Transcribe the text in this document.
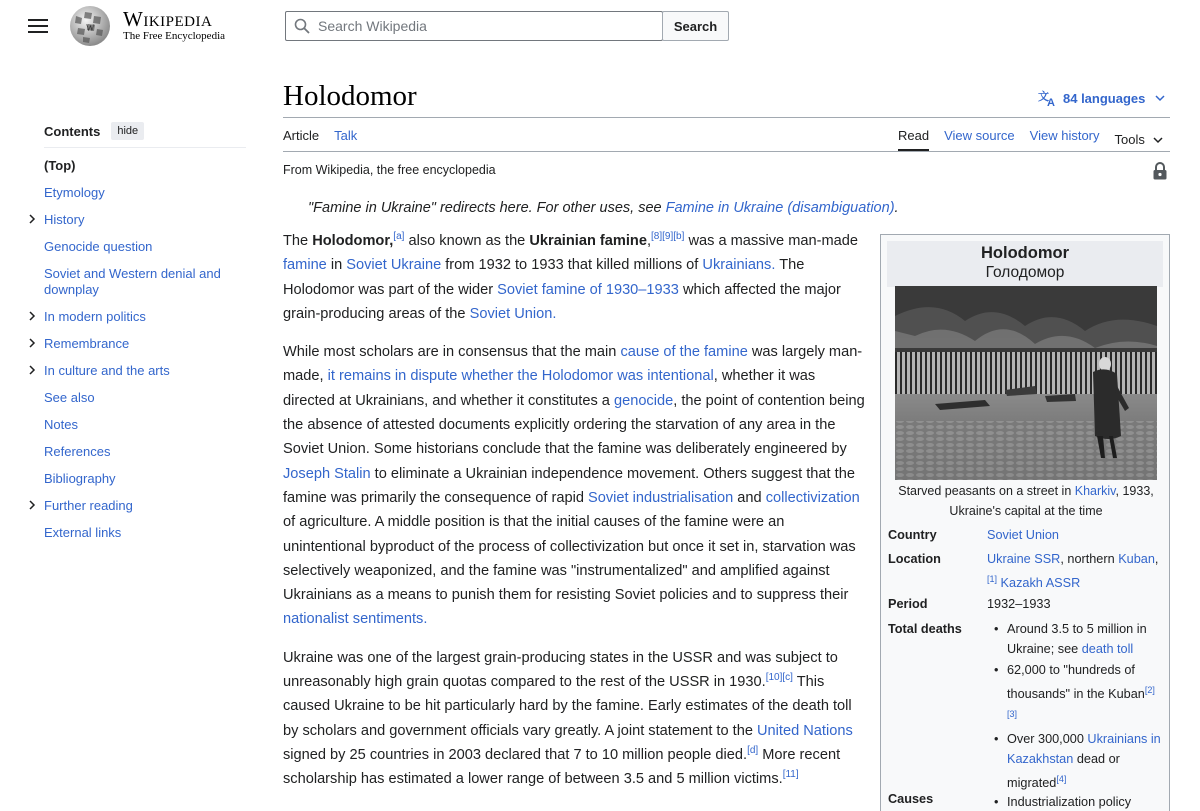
W Wikipedia
The Free Encyclopedia
Search Wikipedia
Search
Contents	hide
(Top)
Etymology
History
Genocide question
Soviet and Western denial and downplay
In modern politics
Remembrance
In culture and the arts
See also
Notes
References
Bibliography
Further reading
External links
Holodomor	文
A 84 languages
Article Talk	Read View source View history Tools
From Wikipedia, the free encyclopedia
"Famine in Ukraine" redirects here. For other uses, see Famine in Ukraine (disambiguation).

The Holodomor,[a] also known as the Ukrainian famine,[8][9][b] was a massive man-made famine in Soviet Ukraine from 1932 to 1933 that killed millions of Ukrainians. The Holodomor was part of the wider Soviet famine of 1930–1933 which affected the major grain-producing areas of the Soviet Union.

While most scholars are in consensus that the main cause of the famine was largely man-made, it remains in dispute whether the Holodomor was intentional, whether it was directed at Ukrainians, and whether it constitutes a genocide, the point of contention being the absence of attested documents explicitly ordering the starvation of any area in the Soviet Union. Some historians conclude that the famine was deliberately engineered by Joseph Stalin to eliminate a Ukrainian independence movement. Others suggest that the famine was primarily the consequence of rapid Soviet industrialisation and collectivization of agriculture. A middle position is that the initial causes of the famine were an unintentional byproduct of the process of collectivization but once it set in, starvation was selectively weaponized, and the famine was "instrumentalized" and amplified against Ukrainians as a means to punish them for resisting Soviet policies and to suppress their nationalist sentiments.

Ukraine was one of the largest grain-producing states in the USSR and was subject to unreasonably high grain quotas compared to the rest of the USSR in 1930.[10][c] This caused Ukraine to be hit particularly hard by the famine. Early estimates of the death toll by scholars and government officials vary greatly. A joint statement to the United Nations signed by 25 countries in 2003 declared that 7 to 10 million people died.[d] More recent scholarship has estimated a lower range of between 3.5 and 5 million victims.[11]

Holodomor
Голодомор
Starved peasants on a street in Kharkiv, 1933, Ukraine's capital at the time
Country	Soviet Union
Location	Ukraine SSR, northern Kuban,[1] Kazakh ASSR
Period	1932–1933
Total deaths	• Around 3.5 to 5 million in Ukraine; see death toll
• 62,000 to "hundreds of thousands" in the Kuban[2] [3]
• Over 300,000 Ukrainians in Kazakhstan dead or migrated[4]
Causes	• Industrialization policy
